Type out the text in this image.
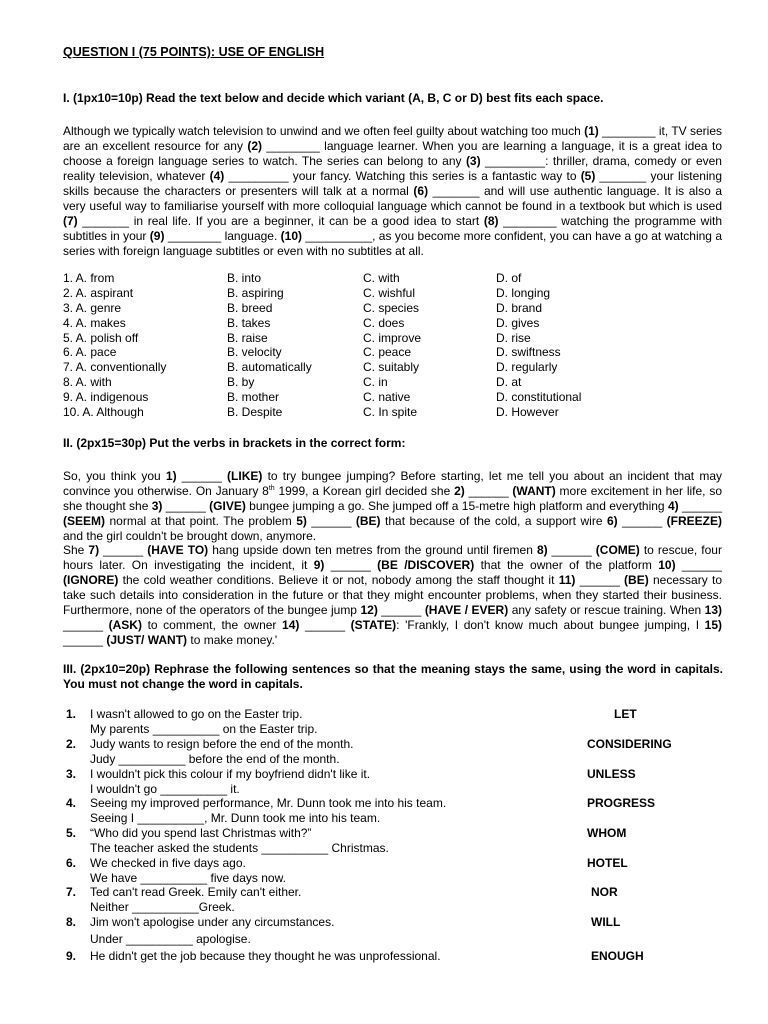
QUESTION I (75 POINTS): USE OF ENGLISH
I. (1px10=10p) Read the text below and decide which variant (A, B, C or D) best fits each space.
Although we typically watch television to unwind and we often feel guilty about watching too much (1) ________ it, TV series are an excellent resource for any (2) ________ language learner. When you are learning a language, it is a great idea to choose a foreign language series to watch. The series can belong to any (3) _________: thriller, drama, comedy or even reality television, whatever (4) _________ your fancy. Watching this series is a fantastic way to (5) _______ your listening skills because the characters or presenters will talk at a normal (6) _______ and will use authentic language. It is also a very useful way to familiarise yourself with more colloquial language which cannot be found in a textbook but which is used (7) _______ in real life. If you are a beginner, it can be a good idea to start (8) ________ watching the programme with subtitles in your (9) ________ language. (10) __________, as you become more confident, you can have a go at watching a series with foreign language subtitles or even with no subtitles at all.
1. A. from	B. into	C. with	D. of
2. A. aspirant	B. aspiring	C. wishful	D. longing
3. A. genre	B. breed	C. species	D. brand
4. A. makes	B. takes	C. does	D. gives
5. A. polish off	B. raise	C. improve	D. rise
6. A. pace	B. velocity	C. peace	D. swiftness
7. A. conventionally	B. automatically	C. suitably	D. regularly
8. A. with	B. by	C. in	D. at
9. A. indigenous	B. mother	C. native	D. constitutional
10. A. Although	B. Despite	C. In spite	D. However
II. (2px15=30p) Put the verbs in brackets in the correct form:
So, you think you 1) ______ (LIKE) to try bungee jumping? Before starting, let me tell you about an incident that may convince you otherwise. On January 8th 1999, a Korean girl decided she 2) ______ (WANT) more excitement in her life, so she thought she 3) ______ (GIVE) bungee jumping a go. She jumped off a 15-metre high platform and everything 4) ______ (SEEM) normal at that point. The problem 5) ______ (BE) that because of the cold, a support wire 6) ______ (FREEZE) and the girl couldn't be brought down, anymore.
She 7) ______ (HAVE TO) hang upside down ten metres from the ground until firemen 8) ______ (COME) to rescue, four hours later. On investigating the incident, it 9) ______ (BE /DISCOVER) that the owner of the platform 10) ______ (IGNORE) the cold weather conditions. Believe it or not, nobody among the staff thought it 11) ______ (BE) necessary to take such details into consideration in the future or that they might encounter problems, when they started their business. Furthermore, none of the operators of the bungee jump 12) ______ (HAVE / EVER) any safety or rescue training. When 13) ______ (ASK) to comment, the owner 14) ______ (STATE): 'Frankly, I don't know much about bungee jumping, I 15) ______ (JUST/ WANT) to make money.'
III. (2px10=20p) Rephrase the following sentences so that the meaning stays the same, using the word in capitals. You must not change the word in capitals.
1. I wasn't allowed to go on the Easter trip.
My parents __________ on the Easter trip.
LET
2. Judy wants to resign before the end of the month.
Judy __________ before the end of the month.
CONSIDERING
3. I wouldn't pick this colour if my boyfriend didn't like it.
I wouldn't go __________ it.
UNLESS
4. Seeing my improved performance, Mr. Dunn took me into his team.
Seeing I __________, Mr. Dunn took me into his team.
PROGRESS
5. “Who did you spend last Christmas with?”
The teacher asked the students __________ Christmas.
WHOM
6. We checked in five days ago.
We have __________ five days now.
HOTEL
7. Ted can't read Greek. Emily can't either.
Neither __________Greek.
NOR
8. Jim won't apologise under any circumstances.
Under __________ apologise.
WILL
9. He didn't get the job because they thought he was unprofessional.	ENOUGH
